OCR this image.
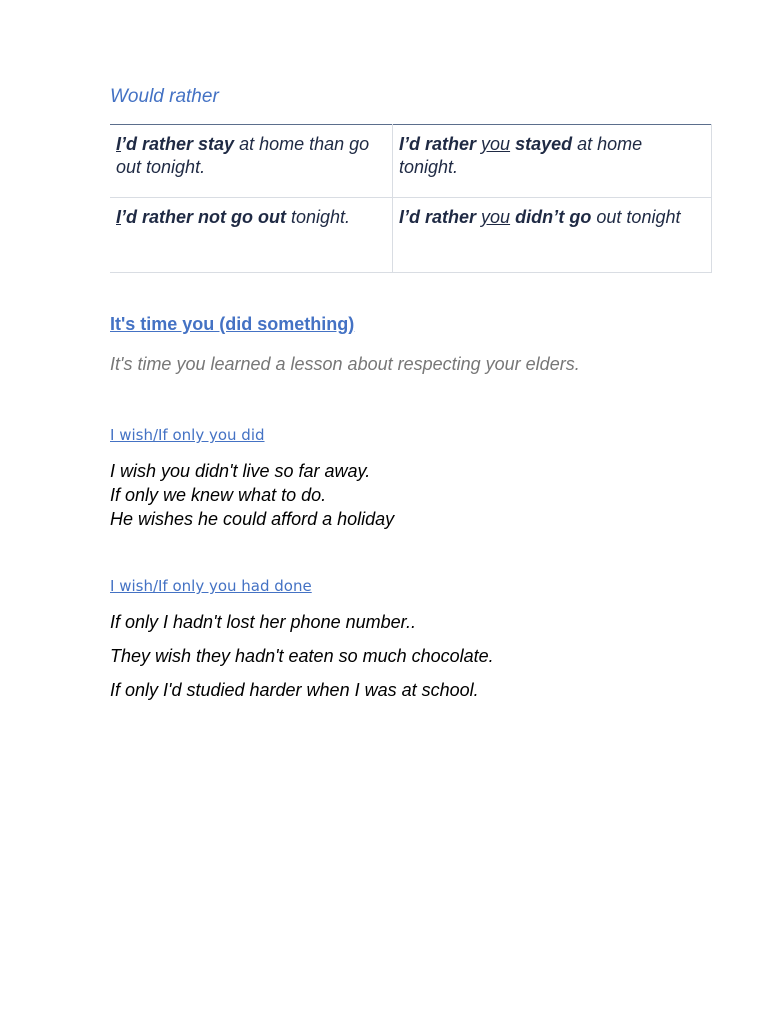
Would rather
I’d rather stay at home than go out tonight.	I’d rather you stayed at home tonight.
I’d rather not go out tonight.	I’d rather you didn’t go out tonight
It's time you (did something)

It's time you learned a lesson about respecting your elders.

I wish/If only you did
I wish you didn't live so far away.
If only we knew what to do.
He wishes he could afford a holiday
I wish/If only you had done
If only I hadn't lost her phone number..
They wish they hadn't eaten so much chocolate.
If only I'd studied harder when I was at school.
